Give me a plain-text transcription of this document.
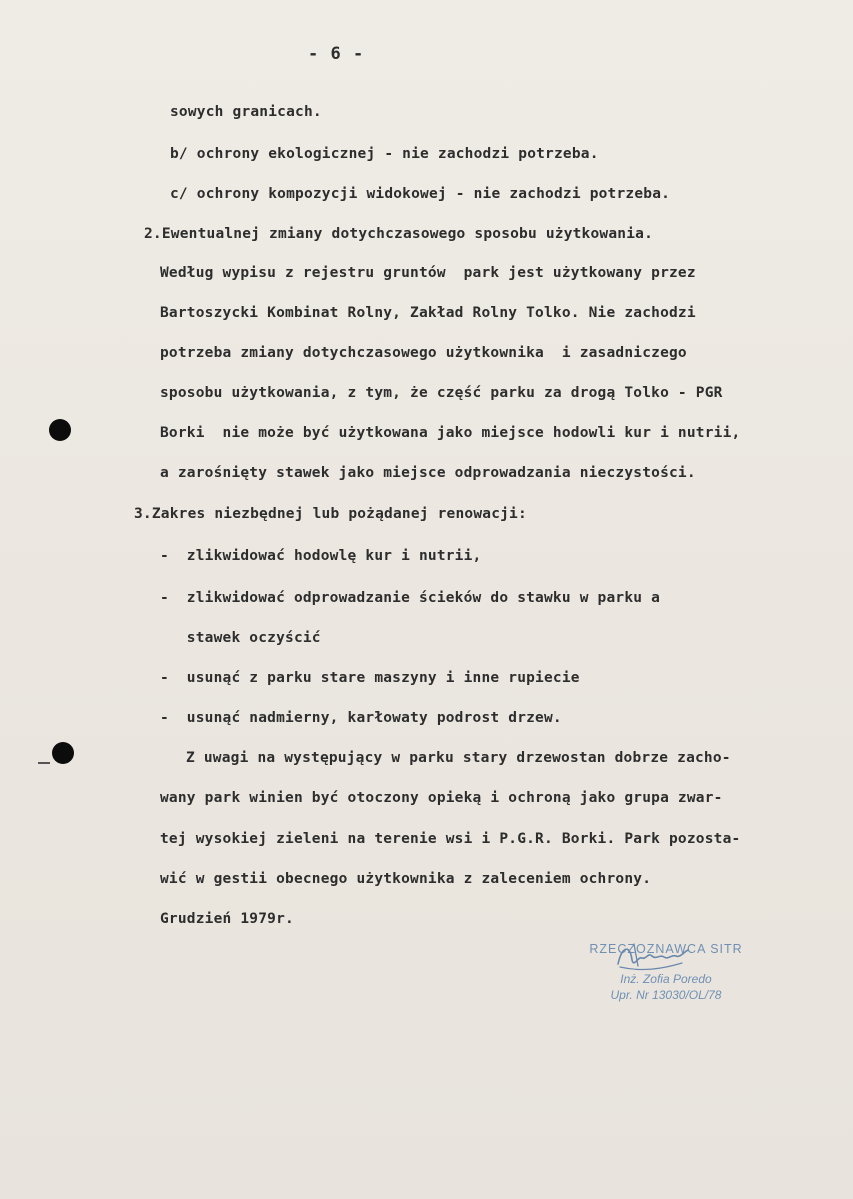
- 6 -
sowych granicach.
b/ ochrony ekologicznej - nie zachodzi potrzeba.
c/ ochrony kompozycji widokowej - nie zachodzi potrzeba.
2.Ewentualnej zmiany dotychczasowego sposobu użytkowania.
Według wypisu z rejestru gruntów  park jest użytkowany przez
Bartoszycki Kombinat Rolny, Zakład Rolny Tolko. Nie zachodzi
potrzeba zmiany dotychczasowego użytkownika  i zasadniczego
sposobu użytkowania, z tym, że część parku za drogą Tolko - PGR
Borki  nie może być użytkowana jako miejsce hodowli kur i nutrii,
a zarośnięty stawek jako miejsce odprowadzania nieczystości.
3.Zakres niezbędnej lub pożądanej renowacji:
-  zlikwidować hodowlę kur i nutrii,
-  zlikwidować odprowadzanie ścieków do stawku w parku a
stawek oczyścić
-  usunąć z parku stare maszyny i inne rupiecie
-  usunąć nadmierny, karłowaty podrost drzew.
Z uwagi na występujący w parku stary drzewostan dobrze zacho-
wany park winien być otoczony opieką i ochroną jako grupa zwar-
tej wysokiej zieleni na terenie wsi i P.G.R. Borki. Park pozosta-
wić w gestii obecnego użytkownika z zaleceniem ochrony.
Grudzień 1979r.
RZECZOZNAWCA SITR
Inż. Zofia Poredo
Upr. Nr 13030/OL/78
